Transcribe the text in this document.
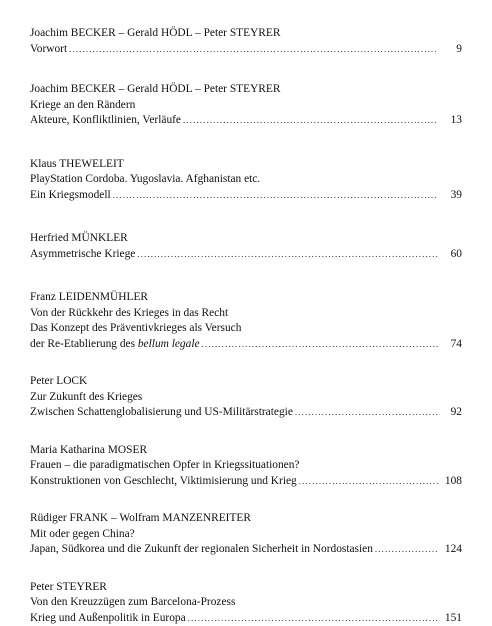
Joachim BECKER – Gerald HÖDL – Peter STEYRER
Vorwort .....	9
Joachim BECKER – Gerald HÖDL – Peter STEYRER
Kriege an den Rändern
Akteure, Konfliktlinien, Verläufe .....	13
Klaus THEWELEIT
PlayStation Cordoba. Yugoslavia. Afghanistan etc.
Ein Kriegsmodell .....	39
Herfried MÜNKLER
Asymmetrische Kriege .....	60
Franz LEIDENMÜHLER
Von der Rückkehr des Krieges in das Recht
Das Konzept des Präventivkrieges als Versuch
der Re-Etablierung des bellum legale .....	74
Peter LOCK
Zur Zukunft des Krieges
Zwischen Schattenglobalisierung und US-Militärstrategie .....	92
Maria Katharina MOSER
Frauen – die paradigmatischen Opfer in Kriegssituationen?
Konstruktionen von Geschlecht, Viktimisierung und Krieg .....	108
Rüdiger FRANK – Wolfram MANZENREITER
Mit oder gegen China?
Japan, Südkorea und die Zukunft der regionalen Sicherheit in Nordostasien .....	124
Peter STEYRER
Von den Kreuzzügen zum Barcelona-Prozess
Krieg und Außenpolitik in Europa .....	151
